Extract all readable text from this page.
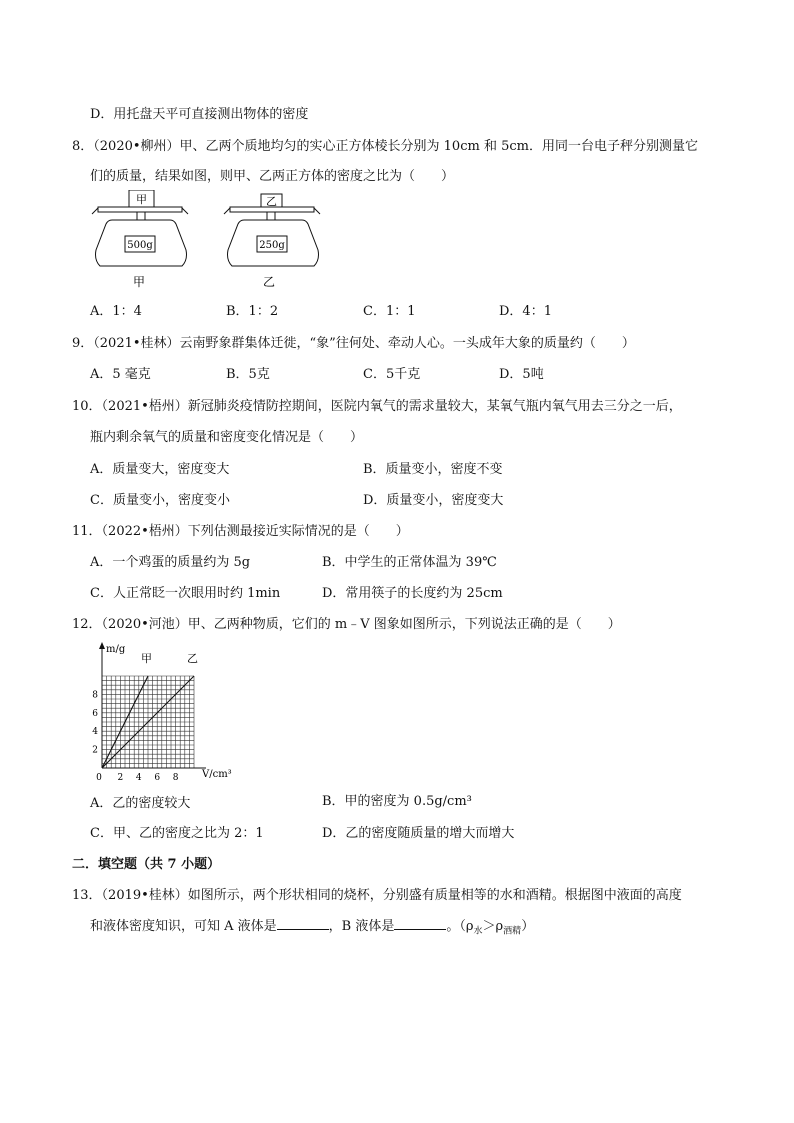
D．用托盘天平可直接测出物体的密度
8．（2020•柳州）甲、乙两个质地均匀的实心正方体棱长分别为 10cm 和 5cm．用同一台电子秤分别测量它
们的质量，结果如图，则甲、乙两正方体的密度之比为（　　）
甲
500g
甲
乙
250g
乙
A．1：4	B．1：2	C．1：1	D．4：1
9．（2021•桂林）云南野象群集体迁徙，“象”往何处、牵动人心。一头成年大象的质量约（　　）
A．5 毫克	B．5克	C．5千克	D．5吨
10．（2021•梧州）新冠肺炎疫情防控期间，医院内氧气的需求量较大，某氧气瓶内氧气用去三分之一后，
瓶内剩余氧气的质量和密度变化情况是（　　）
A．质量变大，密度变大	B．质量变小，密度不变
C．质量变小，密度变小	D．质量变小，密度变大
11．（2022•梧州）下列估测最接近实际情况的是（　　）
A．一个鸡蛋的质量约为 5g	B．中学生的正常体温为 39℃
C．人正常眨一次眼用时约 1min	D．常用筷子的长度约为 25cm
12．（2020•河池）甲、乙两种物质，它们的 m﹣V 图象如图所示，下列说法正确的是（　　）
2
4
6
8
0 2 4 6 8
m/g
V/cm³
甲	乙
A．乙的密度较大	B．甲的密度为 0.5g/cm³
C．甲、乙的密度之比为 2：1	D．乙的密度随质量的增大而增大
二．填空题（共 7 小题）
13．（2019•桂林）如图所示，两个形状相同的烧杯，分别盛有质量相等的水和酒精。根据图中液面的高度
和液体密度知识，可知 A 液体是	，B 液体是	。$(\rho_水>\rho_{酒精})$
